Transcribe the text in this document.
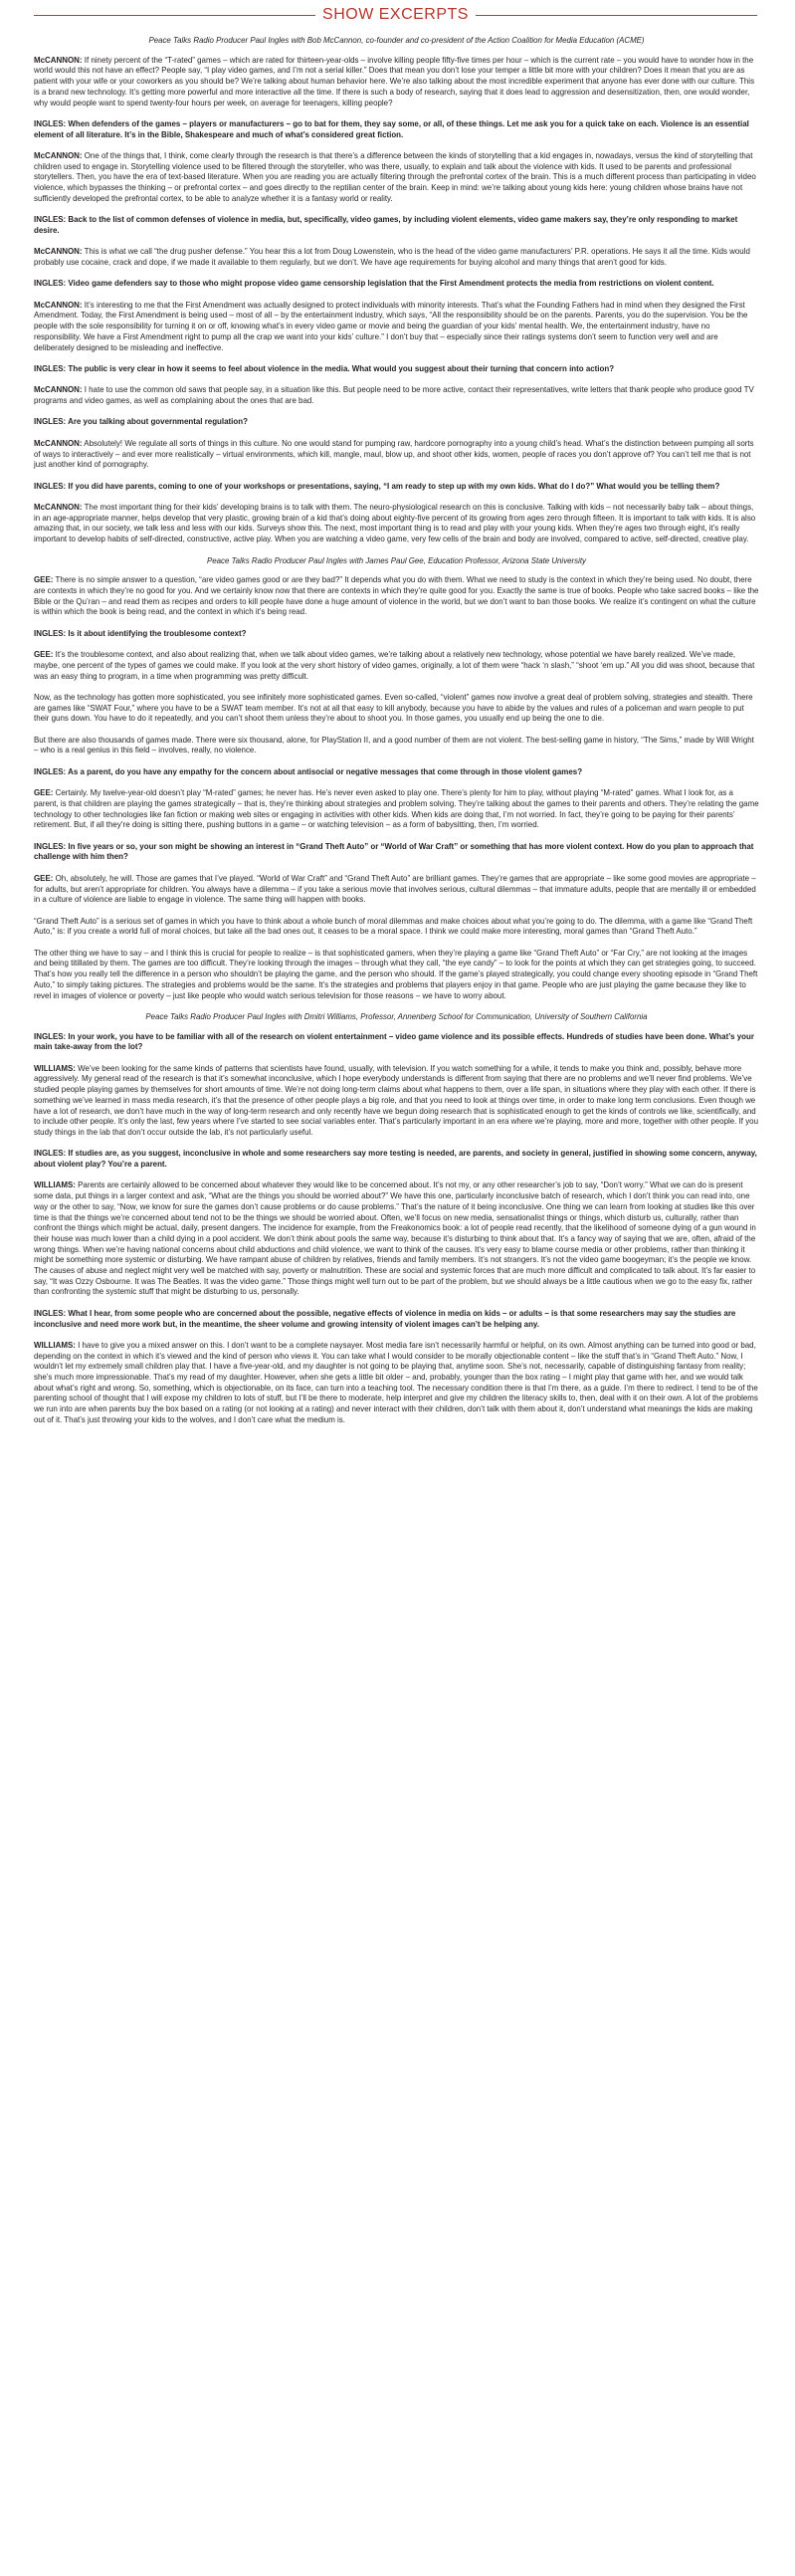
SHOW EXCERPTS
Peace Talks Radio Producer Paul Ingles with Bob McCannon, co-founder and co-president of the Action Coalition for Media Education (ACME)

McCANNON: If ninety percent of the “T-rated” games – which are rated for thirteen-year-olds – involve killing people fifty-five times per hour – which is the current rate – you would have to wonder how in the world would this not have an effect? People say, “I play video games, and I’m not a serial killer.” Does that mean you don’t lose your temper a little bit more with your children? Does it mean that you are as patient with your wife or your coworkers as you should be? We’re talking about human behavior here. We’re also talking about the most incredible experiment that anyone has ever done with our culture. This is a brand new technology. It’s getting more powerful and more interactive all the time. If there is such a body of research, saying that it does lead to aggression and desensitization, then, one would wonder, why would people want to spend twenty-four hours per week, on average for teenagers, killing people?

INGLES: When defenders of the games – players or manufacturers – go to bat for them, they say some, or all, of these things. Let me ask you for a quick take on each. Violence is an essential element of all literature. It’s in the Bible, Shakespeare and much of what’s considered great fiction.

McCANNON: One of the things that, I think, come clearly through the research is that there’s a difference between the kinds of storytelling that a kid engages in, nowadays, versus the kind of storytelling that children used to engage in. Storytelling violence used to be filtered through the storyteller, who was there, usually, to explain and talk about the violence with kids. It used to be parents and professional storytellers. Then, you have the era of text-based literature. When you are reading you are actually filtering through the prefrontal cortex of the brain. This is a much different process than participating in video violence, which bypasses the thinking – or prefrontal cortex – and goes directly to the reptilian center of the brain. Keep in mind: we’re talking about young kids here: young children whose brains have not sufficiently developed the prefrontal cortex, to be able to analyze whether it is a fantasy world or reality.

INGLES: Back to the list of common defenses of violence in media, but, specifically, video games, by including violent elements, video game makers say, they’re only responding to market desire.

McCANNON: This is what we call “the drug pusher defense.” You hear this a lot from Doug Lowenstein, who is the head of the video game manufacturers’ P.R. operations. He says it all the time. Kids would probably use cocaine, crack and dope, if we made it available to them regularly, but we don’t. We have age requirements for buying alcohol and many things that aren’t good for kids.

INGLES: Video game defenders say to those who might propose video game censorship legislation that the First Amendment protects the media from restrictions on violent content.

McCANNON: It’s interesting to me that the First Amendment was actually designed to protect individuals with minority interests. That’s what the Founding Fathers had in mind when they designed the First Amendment. Today, the First Amendment is being used – most of all – by the entertainment industry, which says, “All the responsibility should be on the parents. Parents, you do the supervision. You be the people with the sole responsibility for turning it on or off, knowing what’s in every video game or movie and being the guardian of your kids’ mental health. We, the entertainment industry, have no responsibility. We have a First Amendment right to pump all the crap we want into your kids’ culture.” I don’t buy that – especially since their ratings systems don’t seem to function very well and are deliberately designed to be misleading and ineffective.

INGLES: The public is very clear in how it seems to feel about violence in the media. What would you suggest about their turning that concern into action?

McCANNON: I hate to use the common old saws that people say, in a situation like this. But people need to be more active, contact their representatives, write letters that thank people who produce good TV programs and video games, as well as complaining about the ones that are bad.

INGLES: Are you talking about governmental regulation?

McCANNON: Absolutely! We regulate all sorts of things in this culture. No one would stand for pumping raw, hardcore pornography into a young child’s head. What’s the distinction between pumping all sorts of ways to interactively – and ever more realistically – virtual environments, which kill, mangle, maul, blow up, and shoot other kids, women, people of races you don’t approve of? You can’t tell me that is not just another kind of pornography.

INGLES: If you did have parents, coming to one of your workshops or presentations, saying, “I am ready to step up with my own kids. What do I do?” What would you be telling them?

McCANNON: The most important thing for their kids’ developing brains is to talk with them. The neuro-physiological research on this is conclusive. Talking with kids – not necessarily baby talk – about things, in an age-appropriate manner, helps develop that very plastic, growing brain of a kid that’s doing about eighty-five percent of its growing from ages zero through fifteen. It is important to talk with kids. It is also amazing that, in our society, we talk less and less with our kids. Surveys show this. The next, most important thing is to read and play with your young kids. When they’re ages two through eight, it’s really important to develop habits of self-directed, constructive, active play. When you are watching a video game, very few cells of the brain and body are involved, compared to active, self-directed, creative play.

Peace Talks Radio Producer Paul Ingles with James Paul Gee, Education Professor, Arizona State University

GEE: There is no simple answer to a question, “are video games good or are they bad?” It depends what you do with them. What we need to study is the context in which they’re being used. No doubt, there are contexts in which they’re no good for you. And we certainly know now that there are contexts in which they’re quite good for you. Exactly the same is true of books. People who take sacred books – like the Bible or the Qu’ran – and read them as recipes and orders to kill people have done a huge amount of violence in the world, but we don’t want to ban those books. We realize it’s contingent on what the culture is within which the book is being read, and the context in which it’s being read.

INGLES: Is it about identifying the troublesome context?

GEE: It’s the troublesome context, and also about realizing that, when we talk about video games, we’re talking about a relatively new technology, whose potential we have barely realized. We’ve made, maybe, one percent of the types of games we could make. If you look at the very short history of video games, originally, a lot of them were “hack ‘n slash,” “shoot ‘em up.” All you did was shoot, because that was an easy thing to program, in a time when programming was pretty difficult.

Now, as the technology has gotten more sophisticated, you see infinitely more sophisticated games. Even so-called, “violent” games now involve a great deal of problem solving, strategies and stealth. There are games like “SWAT Four,” where you have to be a SWAT team member. It’s not at all that easy to kill anybody, because you have to abide by the values and rules of a policeman and warn people to put their guns down. You have to do it repeatedly, and you can’t shoot them unless they’re about to shoot you. In those games, you usually end up being the one to die.

But there are also thousands of games made. There were six thousand, alone, for PlayStation II, and a good number of them are not violent. The best-selling game in history, “The Sims,” made by Will Wright – who is a real genius in this field – involves, really, no violence.

INGLES: As a parent, do you have any empathy for the concern about antisocial or negative messages that come through in those violent games?

GEE: Certainly. My twelve-year-old doesn’t play “M-rated” games; he never has. He’s never even asked to play one. There’s plenty for him to play, without playing “M-rated” games. What I look for, as a parent, is that children are playing the games strategically – that is, they’re thinking about strategies and problem solving. They’re talking about the games to their parents and others. They’re relating the game technology to other technologies like fan fiction or making web sites or engaging in activities with other kids. When kids are doing that, I’m not worried. In fact, they’re going to be paying for their parents’ retirement. But, if all they’re doing is sitting there, pushing buttons in a game – or watching television – as a form of babysitting, then, I’m worried.

INGLES: In five years or so, your son might be showing an interest in “Grand Theft Auto” or “World of War Craft” or something that has more violent context. How do you plan to approach that challenge with him then?

GEE: Oh, absolutely, he will. Those are games that I’ve played. “World of War Craft” and “Grand Theft Auto” are brilliant games. They’re games that are appropriate – like some good movies are appropriate – for adults, but aren’t appropriate for children. You always have a dilemma – if you take a serious movie that involves serious, cultural dilemmas – that immature adults, people that are mentally ill or embedded in a culture of violence are liable to engage in violence. The same thing will happen with books.

“Grand Theft Auto” is a serious set of games in which you have to think about a whole bunch of moral dilemmas and make choices about what you’re going to do. The dilemma, with a game like “Grand Theft Auto,” is: if you create a world full of moral choices, but take all the bad ones out, it ceases to be a moral space. I think we could make more interesting, moral games than “Grand Theft Auto.”

The other thing we have to say – and I think this is crucial for people to realize – is that sophisticated gamers, when they’re playing a game like “Grand Theft Auto” or “Far Cry,” are not looking at the images and being titillated by them. The games are too difficult. They’re looking through the images – through what they call, “the eye candy” – to look for the points at which they can get strategies going, to succeed. That’s how you really tell the difference in a person who shouldn’t be playing the game, and the person who should. If the game’s played strategically, you could change every shooting episode in “Grand Theft Auto,” to simply taking pictures. The strategies and problems would be the same. It’s the strategies and problems that players enjoy in that game. People who are just playing the game because they like to revel in images of violence or poverty – just like people who would watch serious television for those reasons – we have to worry about.

Peace Talks Radio Producer Paul Ingles with Dmitri Williams, Professor, Annenberg School for Communication, University of Southern California

INGLES: In your work, you have to be familiar with all of the research on violent entertainment – video game violence and its possible effects. Hundreds of studies have been done. What’s your main take-away from the lot?

WILLIAMS: We’ve been looking for the same kinds of patterns that scientists have found, usually, with television. If you watch something for a while, it tends to make you think and, possibly, behave more aggressively. My general read of the research is that it’s somewhat inconclusive, which I hope everybody understands is different from saying that there are no problems and we’ll never find problems. We’ve studied people playing games by themselves for short amounts of time. We’re not doing long-term claims about what happens to them, over a life span, in situations where they play with each other. If there is something we’ve learned in mass media research, it’s that the presence of other people plays a big role, and that you need to look at things over time, in order to make long term conclusions. Even though we have a lot of research, we don’t have much in the way of long-term research and only recently have we begun doing research that is sophisticated enough to get the kinds of controls we like, scientifically, and to include other people. It’s only the last, few years where I’ve started to see social variables enter. That’s particularly important in an era where we’re playing, more and more, together with other people. If you study things in the lab that don’t occur outside the lab, it’s not particularly useful.

INGLES: If studies are, as you suggest, inconclusive in whole and some researchers say more testing is needed, are parents, and society in general, justified in showing some concern, anyway, about violent play? You’re a parent.

WILLIAMS: Parents are certainly allowed to be concerned about whatever they would like to be concerned about. It’s not my, or any other researcher’s job to say, “Don’t worry.” What we can do is present some data, put things in a larger context and ask, “What are the things you should be worried about?” We have this one, particularly inconclusive batch of research, which I don’t think you can read into, one way or the other to say, “Now, we know for sure the games don’t cause problems or do cause problems.” That’s the nature of it being inconclusive. One thing we can learn from looking at studies like this over time is that the things we’re concerned about tend not to be the things we should be worried about. Often, we’ll focus on new media, sensationalist things or things, which disturb us, culturally, rather than confront the things which might be actual, daily, present dangers. The incidence for example, from the Freakonomics book: a lot of people read recently, that the likelihood of someone dying of a gun wound in their house was much lower than a child dying in a pool accident. We don’t think about pools the same way, because it’s disturbing to think about that. It’s a fancy way of saying that we are, often, afraid of the wrong things. When we’re having national concerns about child abductions and child violence, we want to think of the causes. It’s very easy to blame course media or other problems, rather than thinking it might be something more systemic or disturbing. We have rampant abuse of children by relatives, friends and family members. It’s not strangers. It’s not the video game boogeyman; it’s the people we know. The causes of abuse and neglect might very well be matched with say, poverty or malnutrition. These are social and systemic forces that are much more difficult and complicated to talk about. It’s far easier to say, “It was Ozzy Osbourne. It was The Beatles. It was the video game.” Those things might well turn out to be part of the problem, but we should always be a little cautious when we go to the easy fix, rather than confronting the systemic stuff that might be disturbing to us, personally.

INGLES: What I hear, from some people who are concerned about the possible, negative effects of violence in media on kids – or adults – is that some researchers may say the studies are inconclusive and need more work but, in the meantime, the sheer volume and growing intensity of violent images can’t be helping any.

WILLIAMS: I have to give you a mixed answer on this. I don’t want to be a complete naysayer. Most media fare isn’t necessarily harmful or helpful, on its own. Almost anything can be turned into good or bad, depending on the context in which it’s viewed and the kind of person who views it. You can take what I would consider to be morally objectionable content – like the stuff that’s in “Grand Theft Auto.” Now, I wouldn’t let my extremely small children play that. I have a five-year-old, and my daughter is not going to be playing that, anytime soon. She’s not, necessarily, capable of distinguishing fantasy from reality; she’s much more impressionable. That’s my read of my daughter. However, when she gets a little bit older – and, probably, younger than the box rating – I might play that game with her, and we would talk about what’s right and wrong. So, something, which is objectionable, on its face, can turn into a teaching tool. The necessary condition there is that I’m there, as a guide. I’m there to redirect. I tend to be of the parenting school of thought that I will expose my children to lots of stuff, but I’ll be there to moderate, help interpret and give my children the literacy skills to, then, deal with it on their own. A lot of the problems we run into are when parents buy the box based on a rating (or not looking at a rating) and never interact with their children, don’t talk with them about it, don’t understand what meanings the kids are making out of it. That’s just throwing your kids to the wolves, and I don’t care what the medium is.
